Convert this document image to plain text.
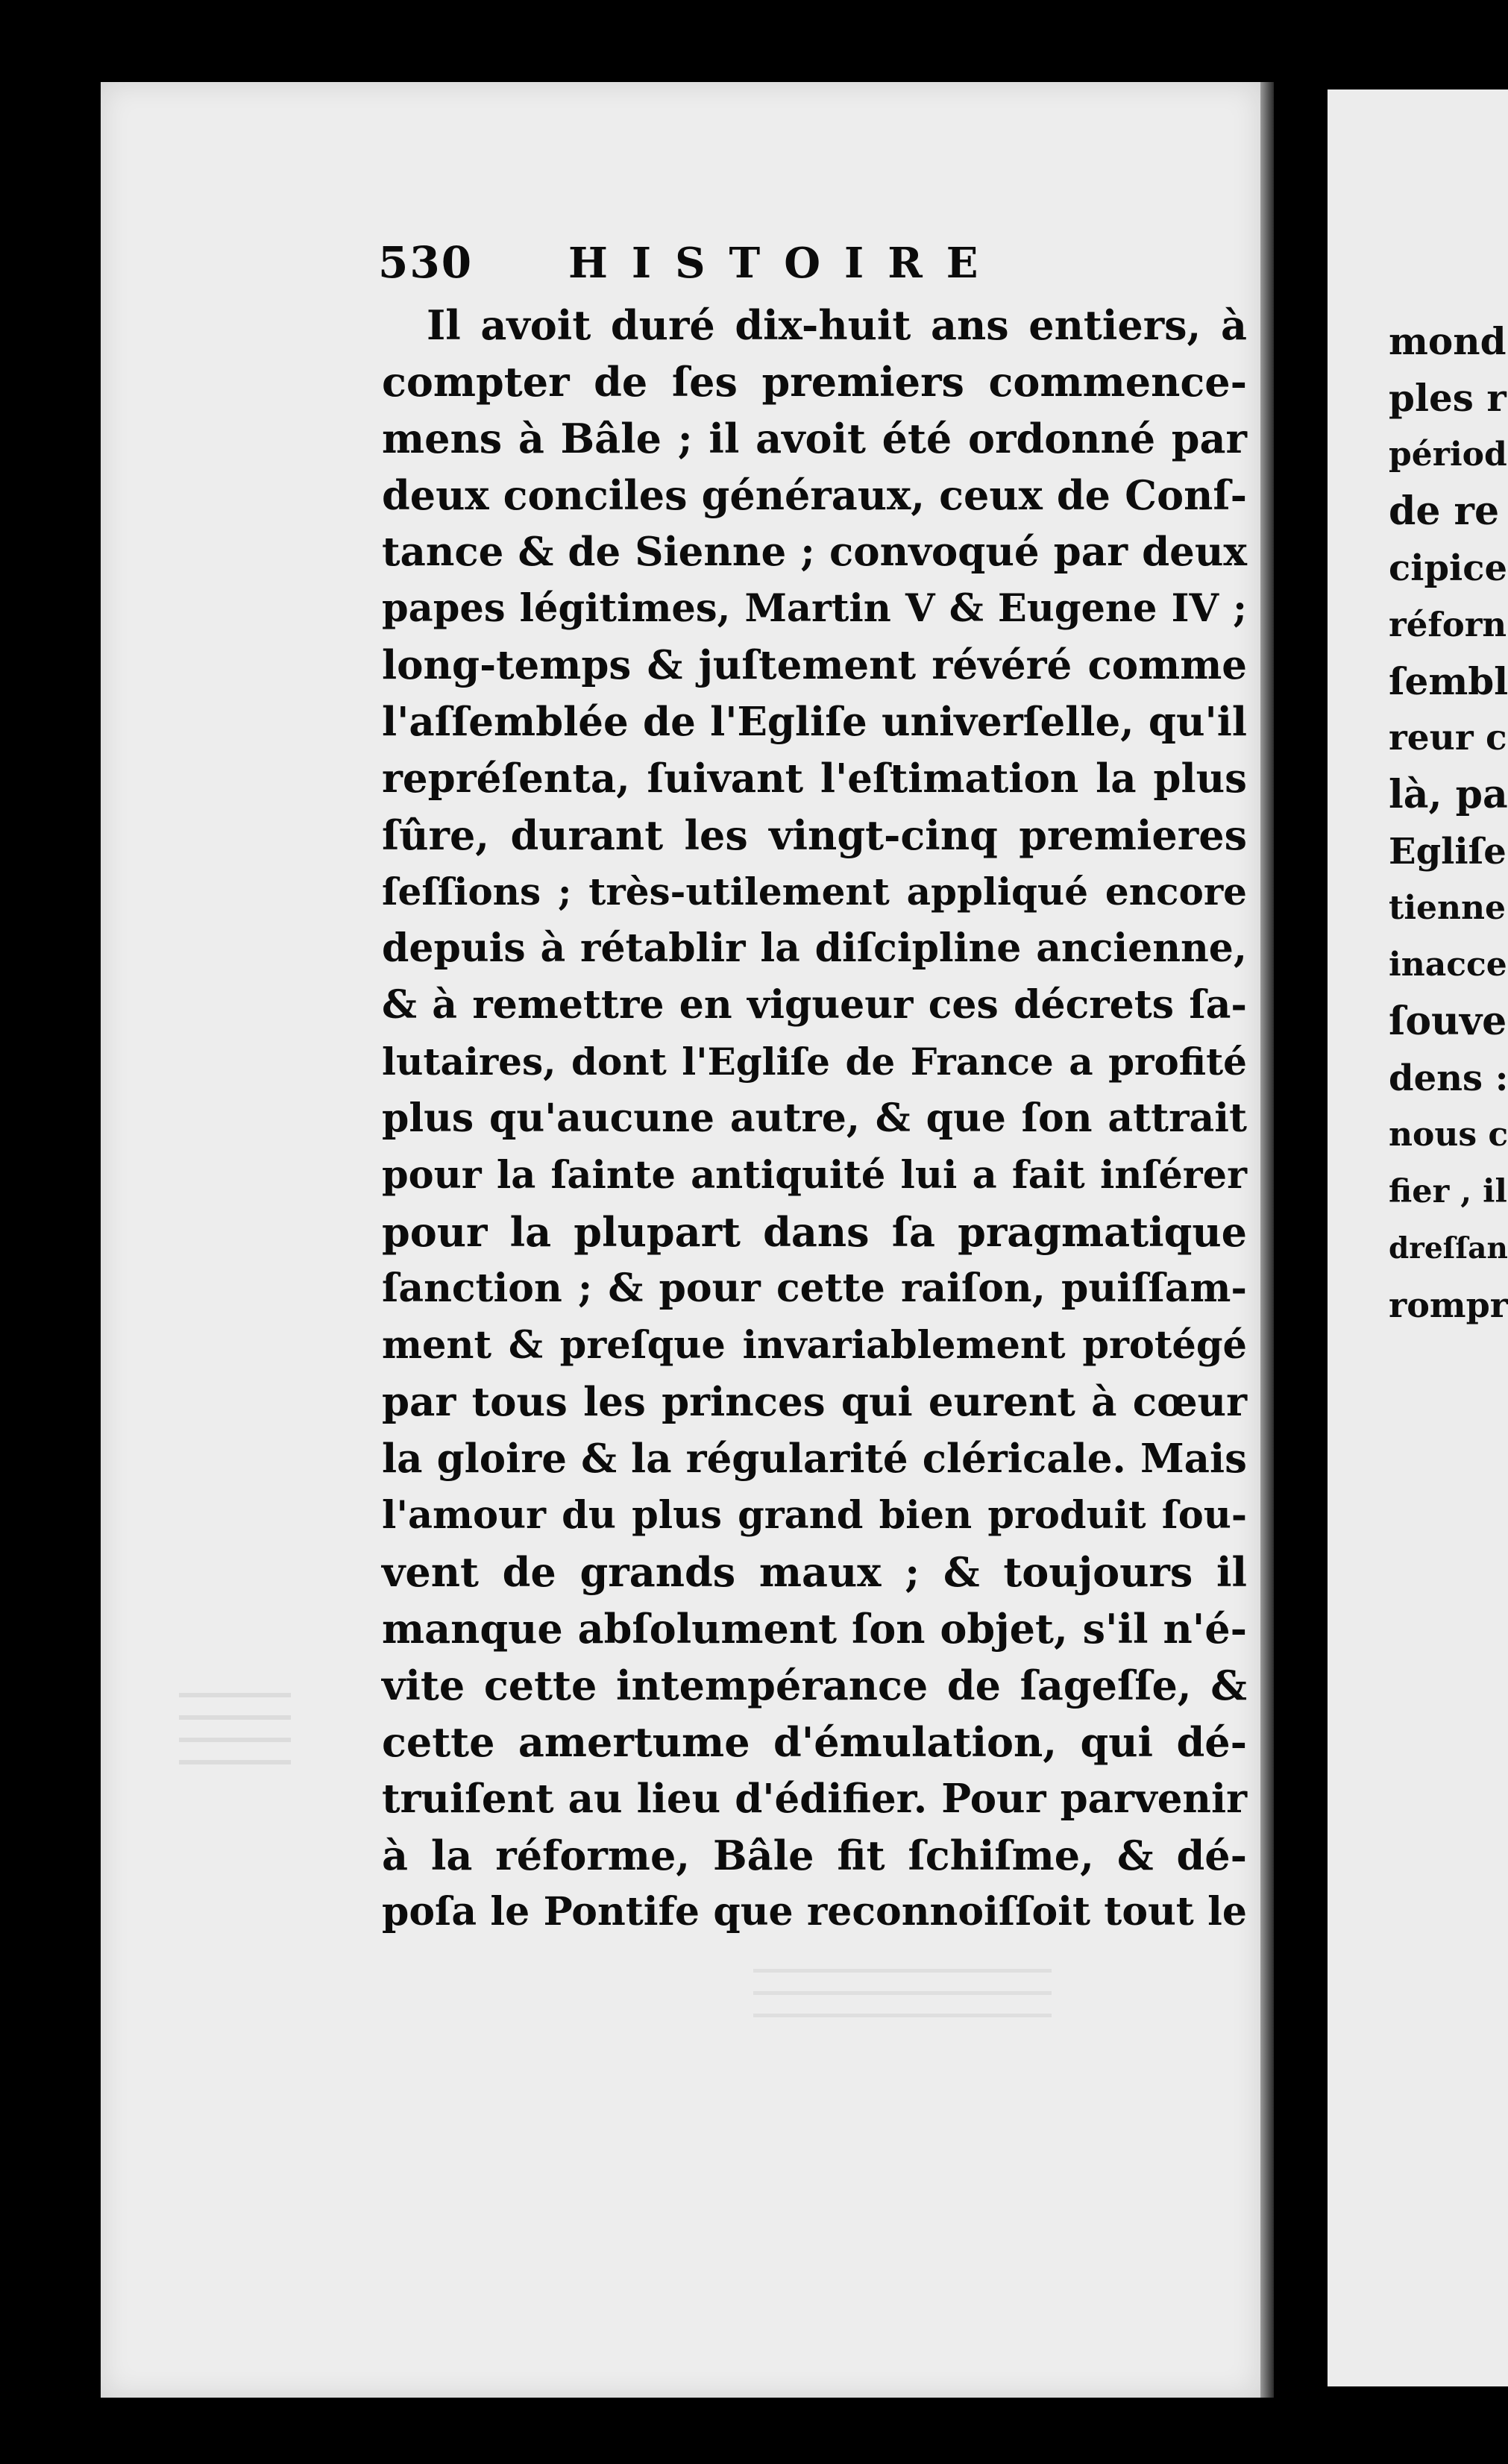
530	HISTOIRE
Il avoit duré dix-huit ans entiers, à
compter de ſes premiers commence-
mens à Bâle ; il avoit été ordonné par
deux conciles généraux, ceux de Conſ-
tance & de Sienne ; convoqué par deux
papes légitimes, Martin V & Eugene IV ;
long-temps & juſtement révéré comme
l'aſſemblée de l'Egliſe univerſelle, qu'il
repréſenta, ſuivant l'eſtimation la plus
ſûre, durant les vingt-cinq premieres
ſeſſions ; très-utilement appliqué encore
depuis à rétablir la diſcipline ancienne,
& à remettre en vigueur ces décrets ſa-
lutaires, dont l'Egliſe de France a profité
plus qu'aucune autre, & que ſon attrait
pour la ſainte antiquité lui a fait inſérer
pour la plupart dans ſa pragmatique
ſanction ; & pour cette raiſon, puiſſam-
ment & preſque invariablement protégé
par tous les princes qui eurent à cœur
la gloire & la régularité cléricale. Mais
l'amour du plus grand bien produit ſou-
vent de grands maux ; & toujours il
manque abſolument ſon objet, s'il n'é-
vite cette intempérance de ſageſſe, &
cette amertume d'émulation, qui dé-
truiſent au lieu d'édifier. Pour parvenir
à la réforme, Bâle fit ſchiſme, & dé-
poſa le Pontife que reconnoiſſoit tout le
mond
ples r
périod
de re
cipice
réforn
ſembl
reur c
là, pa
Egliſe
tienne
inacce
ſouve
dens :
nous c
fier , il
dreſſan
rompr
